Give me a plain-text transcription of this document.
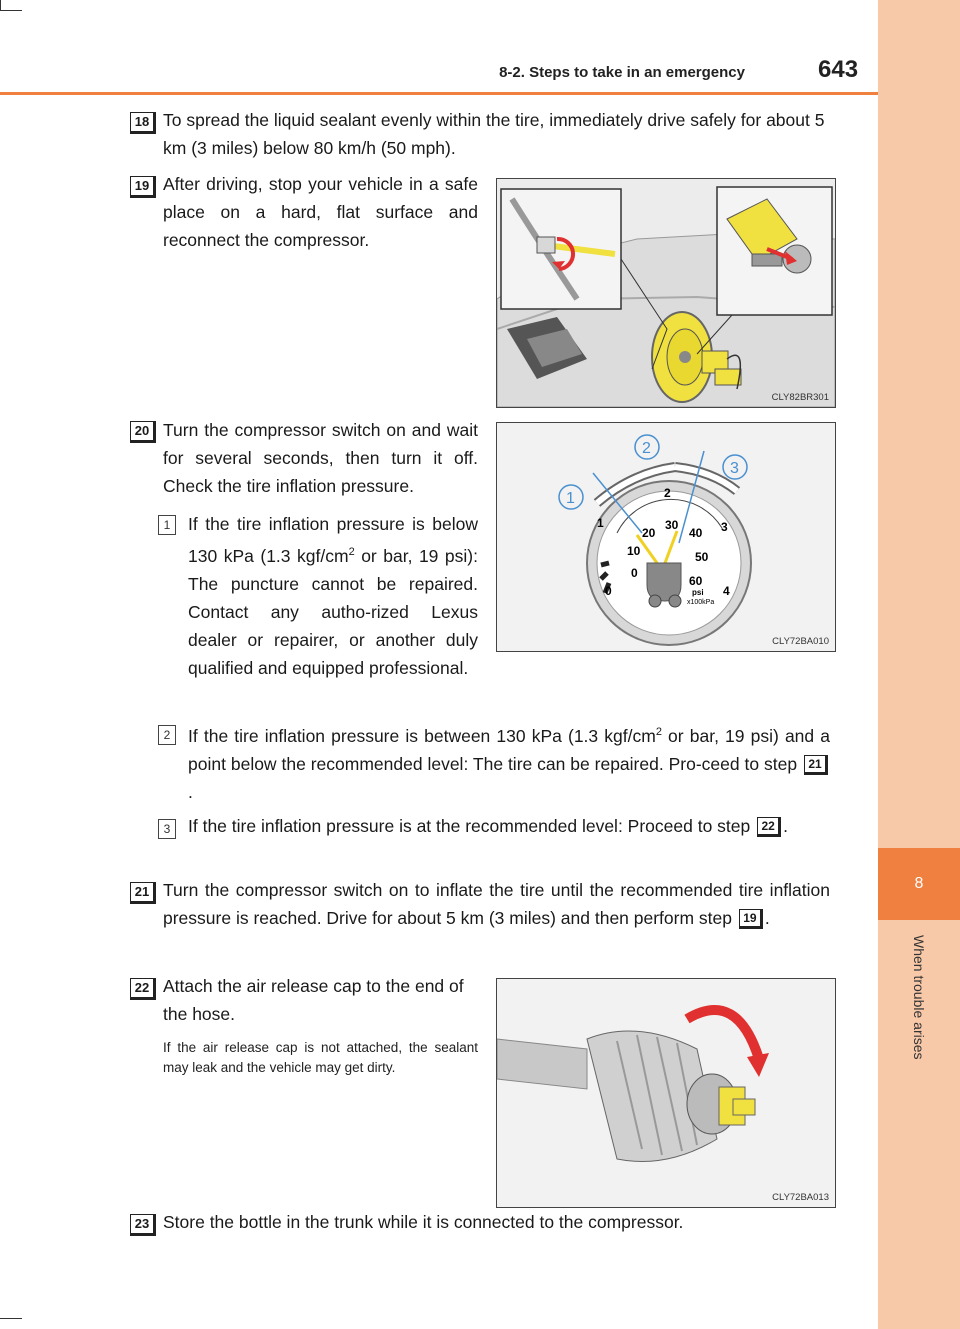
8
When trouble arises
8-2. Steps to take in an emergency	643
18 To spread the liquid sealant evenly within the tire, immediately drive safely for about 5 km (3 miles) below 80 km/h (50 mph).
19 After driving, stop your vehicle in a safe place on a hard, flat surface and reconnect the compressor.
CLY82BR301
20 Turn the compressor switch on and wait for several seconds, then turn it off. Check the tire inflation pressure.
1	If the tire inflation pressure is below 130 kPa (1.3 kgf/$cm^2$ or bar, 19 psi): The puncture cannot be repaired. Contact any autho-rized Lexus dealer or repairer, or another duly qualified and equipped professional.
1
2
3
4
0
0
10
20
30
40
50
60
psi
x100kPa
1
2
3
CLY72BA010
2	If the tire inflation pressure is between 130 kPa (1.3 kgf/$cm^2$ or bar, 19 psi) and a point below the recommended level: The tire can be repaired. Pro-ceed to step 21.
3	If the tire inflation pressure is at the recommended level: Proceed to step 22 .
21 Turn the compressor switch on to inflate the tire until the recommended tire inflation pressure is reached. Drive for about 5 km (3 miles) and then perform step 19 .
22 Attach the air release cap to the end of the hose.
If the air release cap is not attached, the sealant may leak and the vehicle may get dirty.
CLY72BA013
23 Store the bottle in the trunk while it is connected to the compressor.
